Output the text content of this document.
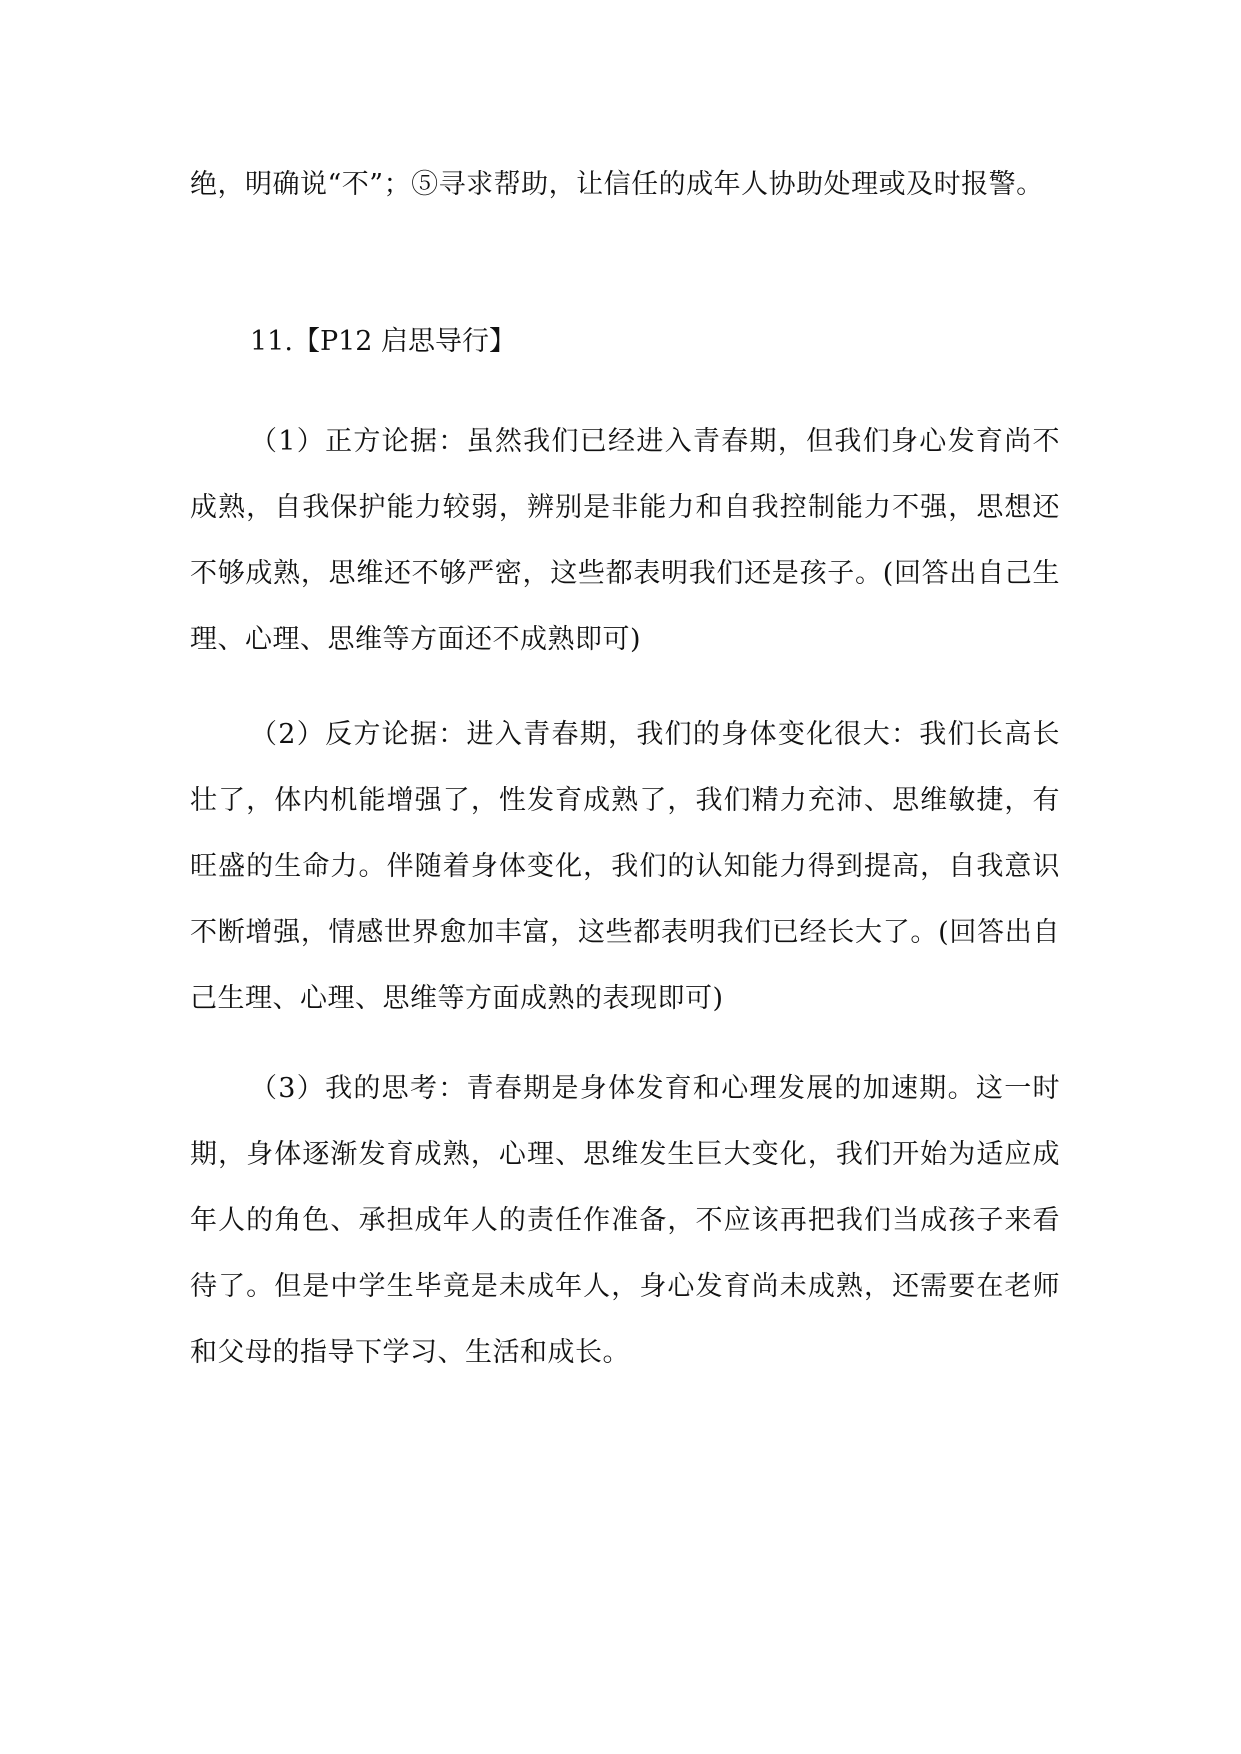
绝，明确说“不”；⑤寻求帮助，让信任的成年人协助处理或及时报警。

11.【P12 启思导行】

（1）正方论据：虽然我们已经进入青春期，但我们身心发育尚不成熟，自我保护能力较弱，辨别是非能力和自我控制能力不强，思想还不够成熟，思维还不够严密，这些都表明我们还是孩子。(回答出自己生理、心理、思维等方面还不成熟即可)

（2）反方论据：进入青春期，我们的身体变化很大：我们长高长壮了，体内机能增强了，性发育成熟了，我们精力充沛、思维敏捷，有旺盛的生命力。伴随着身体变化，我们的认知能力得到提高，自我意识不断增强，情感世界愈加丰富，这些都表明我们已经长大了。(回答出自己生理、心理、思维等方面成熟的表现即可)

（3）我的思考：青春期是身体发育和心理发展的加速期。这一时期，身体逐渐发育成熟，心理、思维发生巨大变化，我们开始为适应成年人的角色、承担成年人的责任作准备，不应该再把我们当成孩子来看待了。但是中学生毕竟是未成年人，身心发育尚未成熟，还需要在老师和父母的指导下学习、生活和成长。
